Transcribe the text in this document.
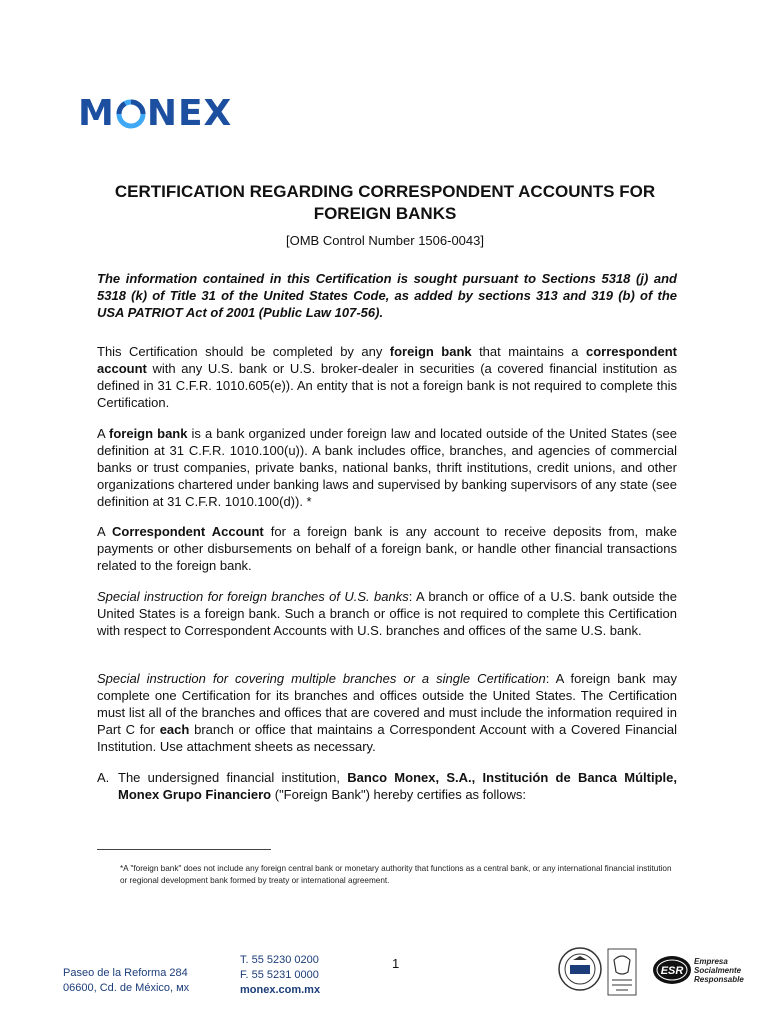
M NEX
CERTIFICATION REGARDING CORRESPONDENT ACCOUNTS FOR
FOREIGN BANKS
[OMB Control Number 1506-0043]
The information contained in this Certification is sought pursuant to Sections 5318 (j) and 5318 (k) of Title 31 of the United States Code, as added by sections 313 and 319 (b) of the USA PATRIOT Act of 2001 (Public Law 107-56).
This Certification should be completed by any foreign bank that maintains a correspondent account with any U.S. bank or U.S. broker-dealer in securities (a covered financial institution as defined in 31 C.F.R. 1010.605(e)). An entity that is not a foreign bank is not required to complete this Certification.
A foreign bank is a bank organized under foreign law and located outside of the United States (see definition at 31 C.F.R. 1010.100(u)). A bank includes office, branches, and agencies of commercial banks or trust companies, private banks, national banks, thrift institutions, credit unions, and other organizations chartered under banking laws and supervised by banking supervisors of any state (see definition at 31 C.F.R. 1010.100(d)). *
A Correspondent Account for a foreign bank is any account to receive deposits from, make payments or other disbursements on behalf of a foreign bank, or handle other financial transactions related to the foreign bank.
Special instruction for foreign branches of U.S. banks: A branch or office of a U.S. bank outside the United States is a foreign bank. Such a branch or office is not required to complete this Certification with respect to Correspondent Accounts with U.S. branches and offices of the same U.S. bank.
Special instruction for covering multiple branches or a single Certification: A foreign bank may complete one Certification for its branches and offices outside the United States. The Certification must list all of the branches and offices that are covered and must include the information required in Part C for each branch or office that maintains a Correspondent Account with a Covered Financial Institution. Use attachment sheets as necessary.
A. The undersigned financial institution, Banco Monex, S.A., Institución de Banca Múltiple, Monex Grupo Financiero ("Foreign Bank") hereby certifies as follows:
*A "foreign bank" does not include any foreign central bank or monetary authority that functions as a central bank, or any international financial institution or regional development bank formed by treaty or international agreement.
1
Paseo de la Reforma 284
06600, Cd. de México, мх
T. 55 5230 0200
F. 55 5231 0000
monex.com.mx
ESR
Empresa
Socialmente
Responsable
